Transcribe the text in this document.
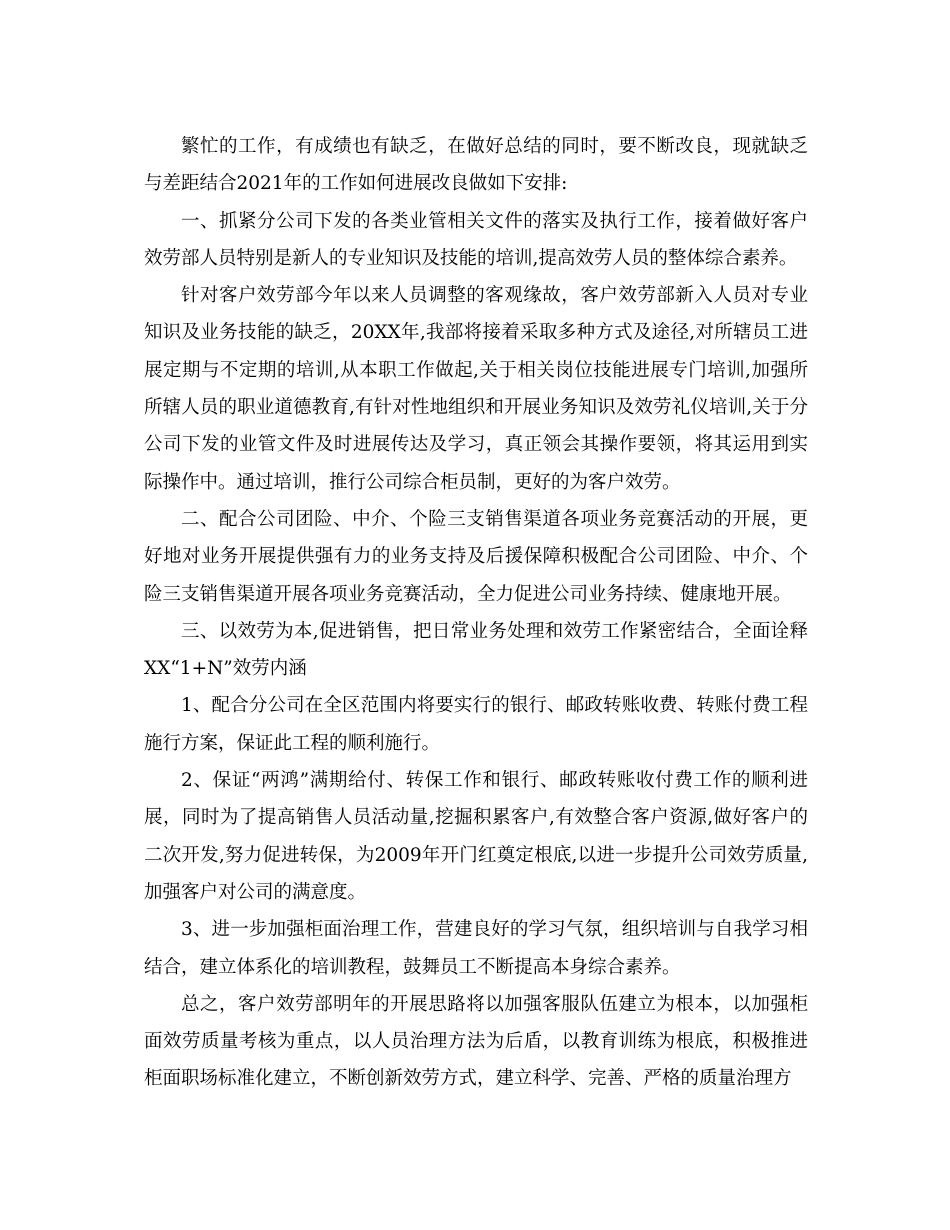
繁忙的工作，有成绩也有缺乏，在做好总结的同时，要不断改良，现就缺乏与差距结合2021年的工作如何进展改良做如下安排:

一、抓紧分公司下发的各类业管相关文件的落实及执行工作，接着做好客户效劳部人员特别是新人的专业知识及技能的培训,提高效劳人员的整体综合素养。

针对客户效劳部今年以来人员调整的客观缘故，客户效劳部新入人员对专业知识及业务技能的缺乏，20XX年,我部将接着采取多种方式及途径,对所辖员工进展定期与不定期的培训,从本职工作做起,关于相关岗位技能进展专门培训,加强所所辖人员的职业道德教育,有针对性地组织和开展业务知识及效劳礼仪培训,关于分公司下发的业管文件及时进展传达及学习，真正领会其操作要领，将其运用到实际操作中。通过培训，推行公司综合柜员制，更好的为客户效劳。

二、配合公司团险、中介、个险三支销售渠道各项业务竞赛活动的开展，更好地对业务开展提供强有力的业务支持及后援保障积极配合公司团险、中介、个险三支销售渠道开展各项业务竞赛活动，全力促进公司业务持续、健康地开展。

三、以效劳为本,促进销售，把日常业务处理和效劳工作紧密结合，全面诠释XX“1+N”效劳内涵

1、配合分公司在全区范围内将要实行的银行、邮政转账收费、转账付费工程施行方案，保证此工程的顺利施行。

2、保证“两鸿”满期给付、转保工作和银行、邮政转账收付费工作的顺利进展，同时为了提高销售人员活动量,挖掘积累客户,有效整合客户资源,做好客户的二次开发,努力促进转保，为2009年开门红奠定根底,以进一步提升公司效劳质量,加强客户对公司的满意度。

3、进一步加强柜面治理工作，营建良好的学习气氛，组织培训与自我学习相结合，建立体系化的培训教程，鼓舞员工不断提高本身综合素养。

总之，客户效劳部明年的开展思路将以加强客服队伍建立为根本，以加强柜面效劳质量考核为重点，以人员治理方法为后盾，以教育训练为根底，积极推进柜面职场标准化建立，不断创新效劳方式，建立科学、完善、严格的质量治理方
